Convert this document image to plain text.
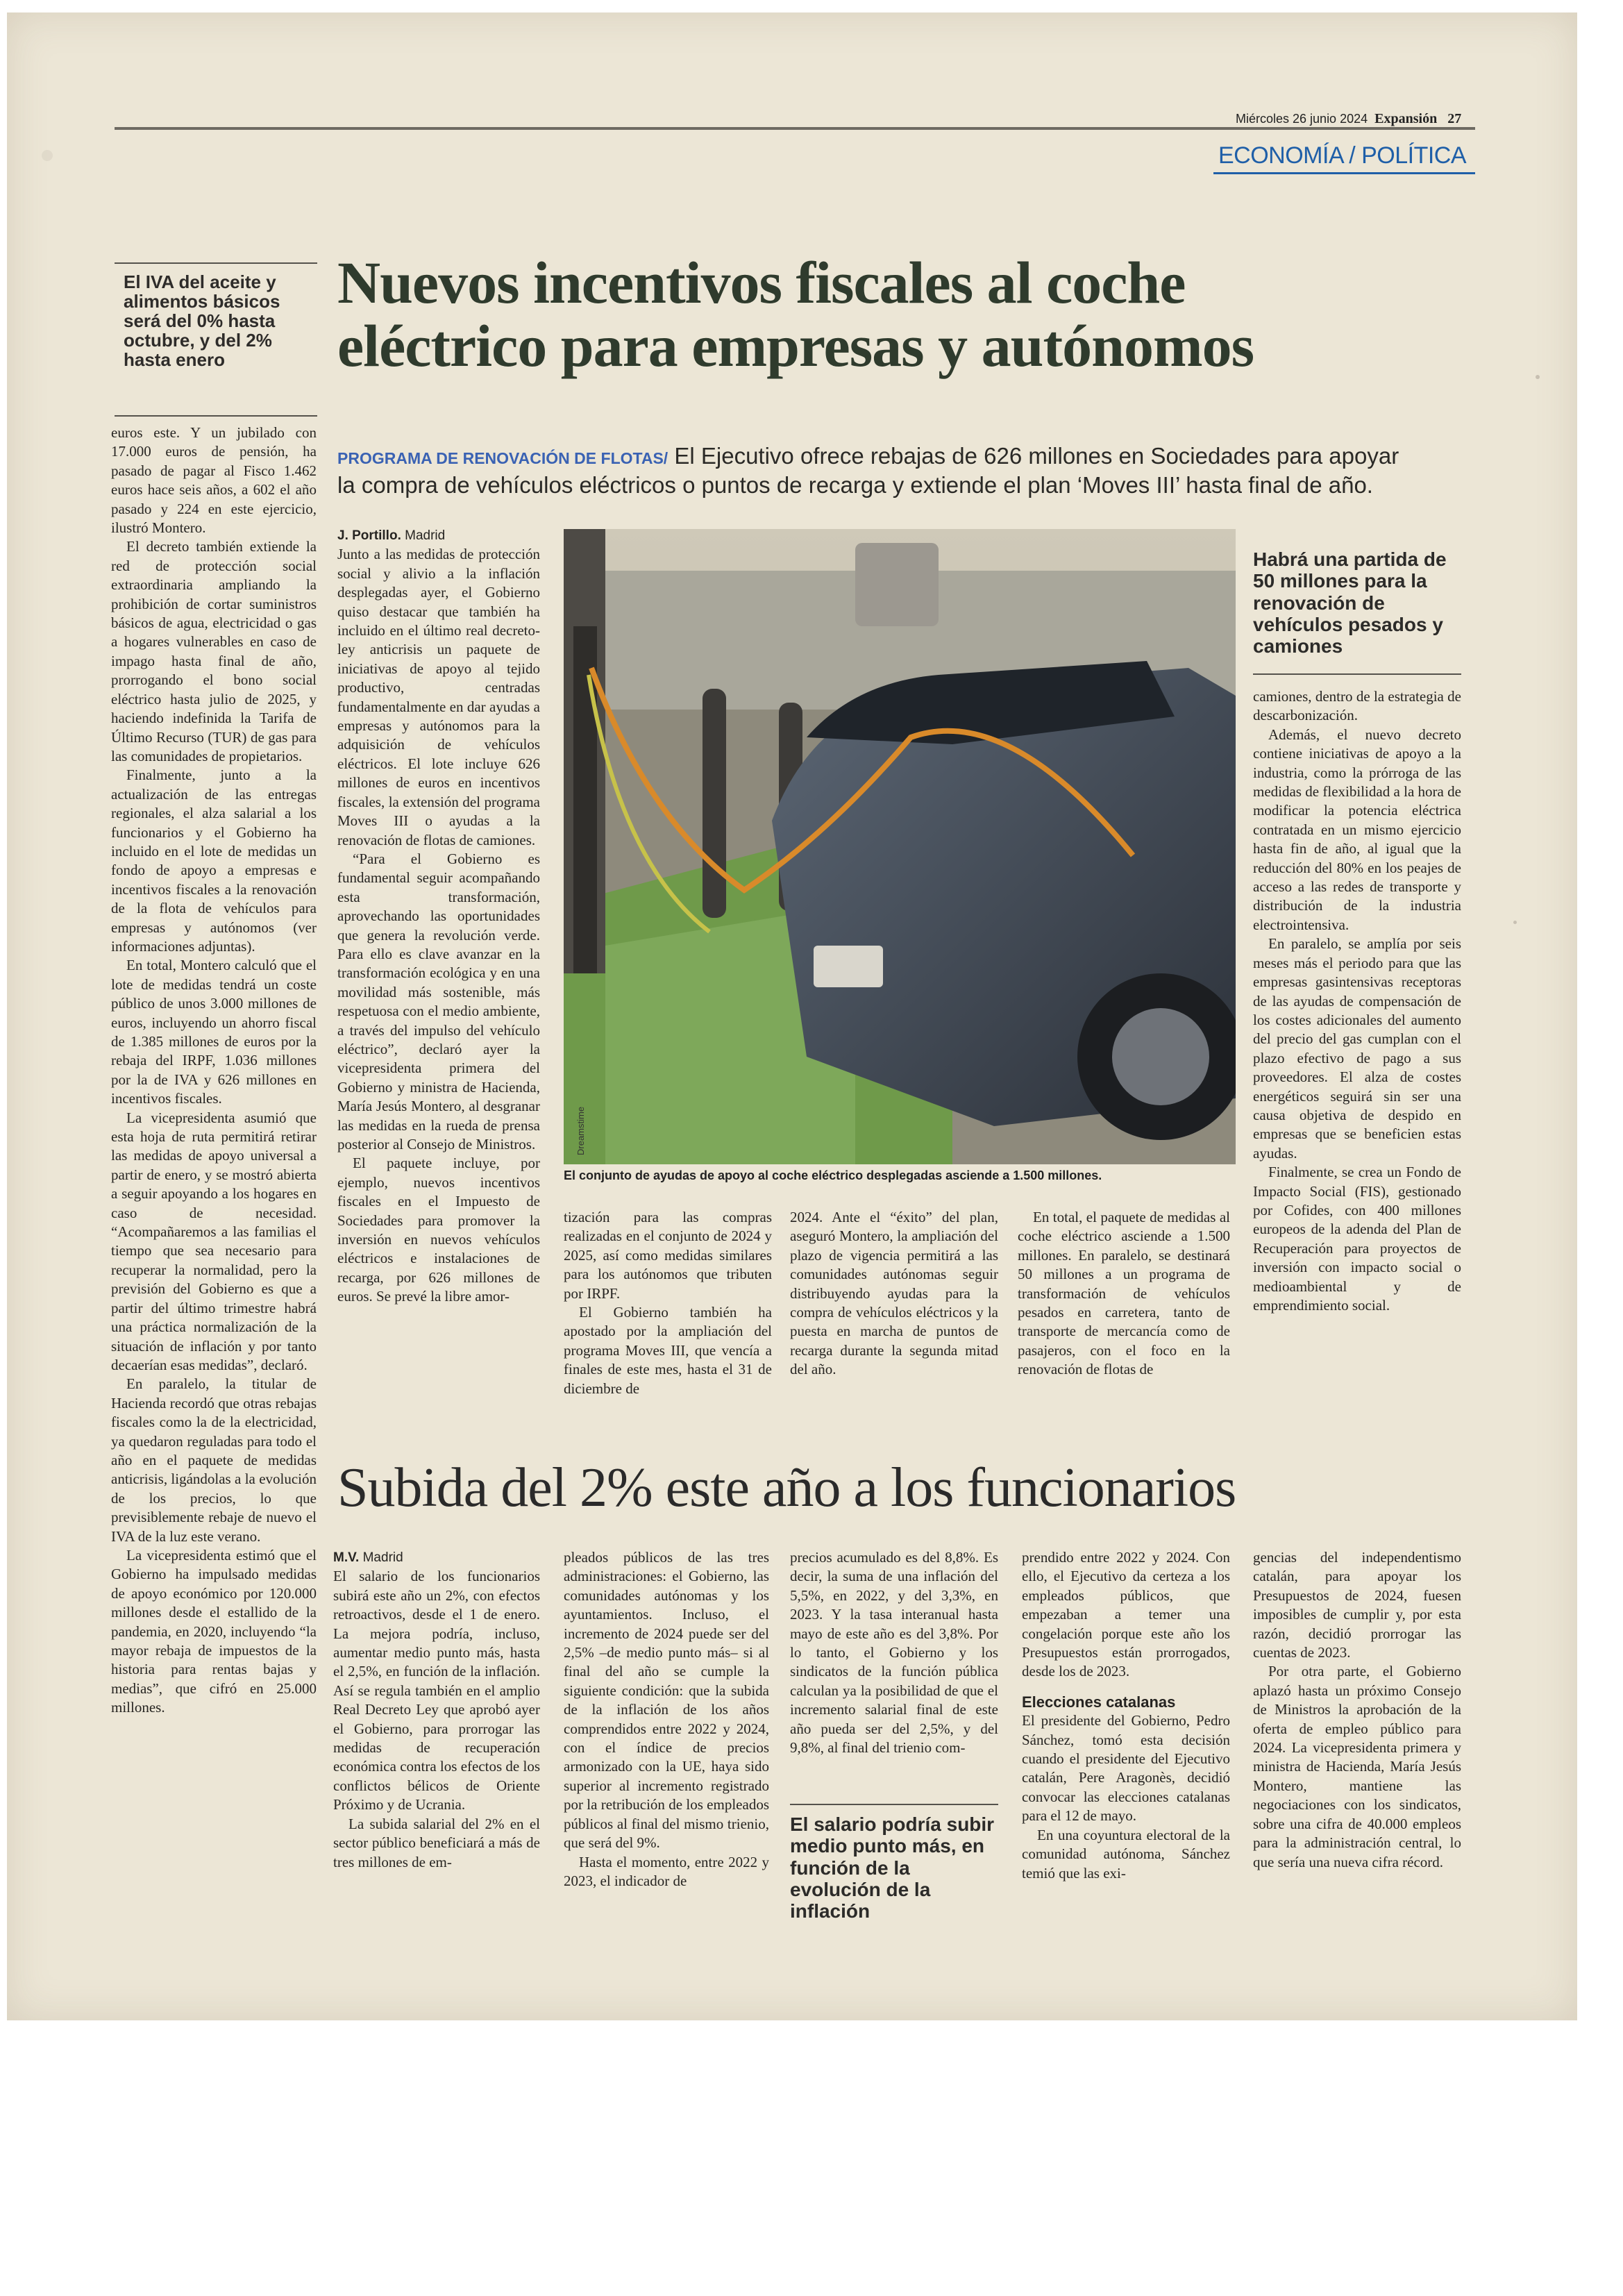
Miércoles 26 junio 2024 Expansión 27
ECONOMÍA / POLÍTICA
El IVA del aceite y alimentos básicos será del 0% hasta octubre, y del 2% hasta enero

euros este. Y un jubilado con 17.000 euros de pensión, ha pasado de pagar al Fisco 1.462 euros hace seis años, a 602 el año pasado y 224 en este ejercicio, ilustró Montero.

El decreto también extiende la red de protección social extraordinaria ampliando la prohibición de cortar suministros básicos de agua, electricidad o gas a hogares vulnerables en caso de impago hasta final de año, prorrogando el bono social eléctrico hasta julio de 2025, y haciendo indefinida la Tarifa de Último Recurso (TUR) de gas para las comunidades de propietarios.

Finalmente, junto a la actualización de las entregas regionales, el alza salarial a los funcionarios y el Gobierno ha incluido en el lote de medidas un fondo de apoyo a empresas e incentivos fiscales a la renovación de la flota de vehículos para empresas y autónomos (ver informaciones adjuntas).

En total, Montero calculó que el lote de medidas tendrá un coste público de unos 3.000 millones de euros, incluyendo un ahorro fiscal de 1.385 millones de euros por la rebaja del IRPF, 1.036 millones por la de IVA y 626 millones en incentivos fiscales.

La vicepresidenta asumió que esta hoja de ruta permitirá retirar las medidas de apoyo universal a partir de enero, y se mostró abierta a seguir apoyando a los hogares en caso de necesidad. “Acompañaremos a las familias el tiempo que sea necesario para recuperar la normalidad, pero la previsión del Gobierno es que a partir del último trimestre habrá una práctica normalización de la situación de inflación y por tanto decaerían esas medidas”, declaró.

En paralelo, la titular de Hacienda recordó que otras rebajas fiscales como la de la electricidad, ya quedaron reguladas para todo el año en el paquete de medidas anticrisis, ligándolas a la evolución de los precios, lo que previsiblemente rebaje de nuevo el IVA de la luz este verano.

La vicepresidenta estimó que el Gobierno ha impulsado medidas de apoyo económico por 120.000 millones desde el estallido de la pandemia, en 2020, incluyendo “la mayor rebaja de impuestos de la historia para rentas bajas y medias”, que cifró en 25.000 millones.

Nuevos incentivos fiscales al coche
eléctrico para empresas y autónomos
PROGRAMA DE RENOVACIÓN DE FLOTAS/ El Ejecutivo ofrece rebajas de 626 millones en Sociedades para apoyar
la compra de vehículos eléctricos o puntos de recarga y extiende el plan ‘Moves III’ hasta final de año.
J. Portillo. Madrid

Junto a las medidas de protección social y alivio a la inflación desplegadas ayer, el Gobierno quiso destacar que también ha incluido en el último real decreto-ley anticrisis un paquete de iniciativas de apoyo al tejido productivo, centradas fundamentalmente en dar ayudas a empresas y autónomos para la adquisición de vehículos eléctricos. El lote incluye 626 millones de euros en incentivos fiscales, la extensión del programa Moves III o ayudas a la renovación de flotas de camiones.

“Para el Gobierno es fundamental seguir acompañando esta transformación, aprovechando las oportunidades que genera la revolución verde. Para ello es clave avanzar en la transformación ecológica y en una movilidad más sostenible, más respetuosa con el medio ambiente, a través del impulso del vehículo eléctrico”, declaró ayer la vicepresidenta primera del Gobierno y ministra de Hacienda, María Jesús Montero, al desgranar las medidas en la rueda de prensa posterior al Consejo de Ministros.

El paquete incluye, por ejemplo, nuevos incentivos fiscales en el Impuesto de Sociedades para promover la inversión en nuevos vehículos eléctricos e instalaciones de recarga, por 626 millones de euros. Se prevé la libre amor-

Dreamstime
El conjunto de ayudas de apoyo al coche eléctrico desplegadas asciende a 1.500 millones.

tización para las compras realizadas en el conjunto de 2024 y 2025, así como medidas similares para los autónomos que tributen por IRPF.

El Gobierno también ha apostado por la ampliación del programa Moves III, que vencía a finales de este mes, hasta el 31 de diciembre de

2024. Ante el “éxito” del plan, aseguró Montero, la ampliación del plazo de vigencia permitirá a las comunidades autónomas seguir distribuyendo ayudas para la compra de vehículos eléctricos y la puesta en marcha de puntos de recarga durante la segunda mitad del año.

En total, el paquete de medidas al coche eléctrico asciende a 1.500 millones. En paralelo, se destinará 50 millones a un programa de transformación de vehículos pesados en carretera, tanto de transporte de mercancía como de pasajeros, con el foco en la renovación de flotas de

Habrá una partida de 50 millones para la renovación de vehículos pesados y camiones

camiones, dentro de la estrategia de descarbonización.

Además, el nuevo decreto contiene iniciativas de apoyo a la industria, como la prórroga de las medidas de flexibilidad a la hora de modificar la potencia eléctrica contratada en un mismo ejercicio hasta fin de año, al igual que la reducción del 80% en los peajes de acceso a las redes de transporte y distribución de la industria electrointensiva.

En paralelo, se amplía por seis meses más el periodo para que las empresas gasintensivas receptoras de las ayudas de compensación de los costes adicionales del aumento del precio del gas cumplan con el plazo efectivo de pago a sus proveedores. El alza de costes energéticos seguirá sin ser una causa objetiva de despido en empresas que se beneficien estas ayudas.

Finalmente, se crea un Fondo de Impacto Social (FIS), gestionado por Cofides, con 400 millones europeos de la adenda del Plan de Recuperación para proyectos de inversión con impacto social o medioambiental y de emprendimiento social.

Subida del 2% este año a los funcionarios
M.V. Madrid

El salario de los funcionarios subirá este año un 2%, con efectos retroactivos, desde el 1 de enero. La mejora podría, incluso, aumentar medio punto más, hasta el 2,5%, en función de la inflación. Así se regula también en el amplio Real Decreto Ley que aprobó ayer el Gobierno, para prorrogar las medidas de recuperación económica contra los efectos de los conflictos bélicos de Oriente Próximo y de Ucrania.

La subida salarial del 2% en el sector público beneficiará a más de tres millones de em-

pleados públicos de las tres administraciones: el Gobierno, las comunidades autónomas y los ayuntamientos. Incluso, el incremento de 2024 puede ser del 2,5% –de medio punto más– si al final del año se cumple la siguiente condición: que la subida de la inflación de los años comprendidos entre 2022 y 2024, con el índice de precios armonizado con la UE, haya sido superior al incremento registrado por la retribución de los empleados públicos al final del mismo trienio, que será del 9%.

Hasta el momento, entre 2022 y 2023, el indicador de

precios acumulado es del 8,8%. Es decir, la suma de una inflación del 5,5%, en 2022, y del 3,3%, en 2023. Y la tasa interanual hasta mayo de este año es del 3,8%. Por lo tanto, el Gobierno y los sindicatos de la función pública calculan ya la posibilidad de que el incremento salarial final de este año pueda ser del 2,5%, y del 9,8%, al final del trienio com-

El salario podría subir medio punto más, en función de la evolución de la inflación

prendido entre 2022 y 2024. Con ello, el Ejecutivo da certeza a los empleados públicos, que empezaban a temer una congelación porque este año los Presupuestos están prorrogados, desde los de 2023.

Elecciones catalanas

El presidente del Gobierno, Pedro Sánchez, tomó esta decisión cuando el presidente del Ejecutivo catalán, Pere Aragonès, decidió convocar las elecciones catalanas para el 12 de mayo.

En una coyuntura electoral de la comunidad autónoma, Sánchez temió que las exi-

gencias del independentismo catalán, para apoyar los Presupuestos de 2024, fuesen imposibles de cumplir y, por esta razón, decidió prorrogar las cuentas de 2023.

Por otra parte, el Gobierno aplazó hasta un próximo Consejo de Ministros la aprobación de la oferta de empleo público para 2024. La vicepresidenta primera y ministra de Hacienda, María Jesús Montero, mantiene las negociaciones con los sindicatos, sobre una cifra de 40.000 empleos para la administración central, lo que sería una nueva cifra récord.
